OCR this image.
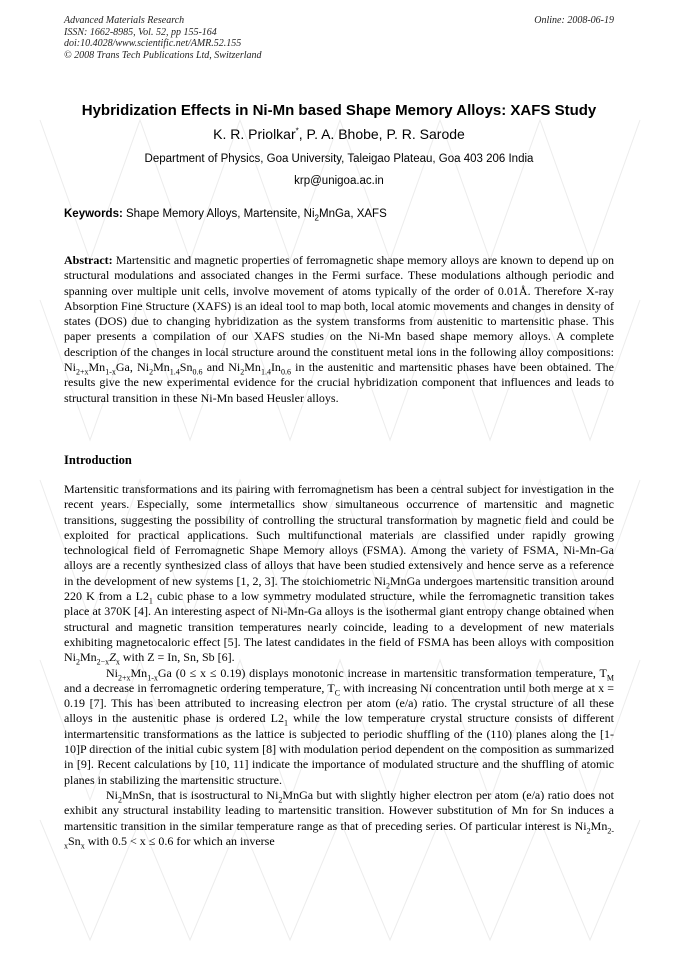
Advanced Materials Research
ISSN: 1662-8985, Vol. 52, pp 155-164
doi:10.4028/www.scientific.net/AMR.52.155
© 2008 Trans Tech Publications Ltd, Switzerland
Online: 2008-06-19
Hybridization Effects in Ni-Mn based Shape Memory Alloys: XAFS Study
K. R. Priolkar*, P. A. Bhobe, P. R. Sarode
Department of Physics, Goa University, Taleigao Plateau, Goa 403 206 India
krp@unigoa.ac.in
Keywords: Shape Memory Alloys, Martensite, $Ni_2MnGa$, XAFS

Abstract: Martensitic and magnetic properties of ferromagnetic shape memory alloys are known to depend up on structural modulations and associated changes in the Fermi surface. These modulations although periodic and spanning over multiple unit cells, involve movement of atoms typically of the order of 0.01Å. Therefore X-ray Absorption Fine Structure (XAFS) is an ideal tool to map both, local atomic movements and changes in density of states (DOS) due to changing hybridization as the system transforms from austenitic to martensitic phase. This paper presents a compilation of our XAFS studies on the Ni-Mn based shape memory alloys. A complete description of the changes in local structure around the constituent metal ions in the following alloy compositions: $Ni_{2+x}Mn_{1-x}Ga$, $Ni_2Mn_{1.4}Sn_{0.6}$ and $Ni_2Mn_{1.4}In_{0.6}$ in the austenitic and martensitic phases have been obtained. The results give the new experimental evidence for the crucial hybridization component that influences and leads to structural transition in these Ni-Mn based Heusler alloys.

Introduction

Martensitic transformations and its pairing with ferromagnetism has been a central subject for investigation in the recent years. Especially, some intermetallics show simultaneous occurrence of martensitic and magnetic transitions, suggesting the possibility of controlling the structural transformation by magnetic field and could be exploited for practical applications. Such multifunctional materials are classified under rapidly growing technological field of Ferromagnetic Shape Memory alloys (FSMA). Among the variety of FSMA, Ni-Mn-Ga alloys are a recently synthesized class of alloys that have been studied extensively and hence serve as a reference in the development of new systems [1, 2, 3]. The stoichiometric $Ni_2MnGa$ undergoes martensitic transition around 220 K from a $L2_1$ cubic phase to a low symmetry modulated structure, while the ferromagnetic transition takes place at 370K [4]. An interesting aspect of Ni-Mn-Ga alloys is the isothermal giant entropy change obtained when structural and magnetic transition temperatures nearly coincide, leading to a development of new materials exhibiting magnetocaloric effect [5]. The latest candidates in the field of FSMA has been alloys with composition $Ni_2Mn_{2-x}Z_x$ with Z = In, Sn, Sb [6].

$Ni_{2+x}Mn_{1-x}Ga$ (0 ≤ x ≤ 0.19) displays monotonic increase in martensitic transformation temperature, $T_M$ and a decrease in ferromagnetic ordering temperature, $T_C$ with increasing Ni concentration until both merge at x = 0.19 [7]. This has been attributed to increasing electron per atom (e/a) ratio. The crystal structure of all these alloys in the austenitic phase is ordered $L2_1$ while the low temperature crystal structure consists of different intermartensitic transformations as the lattice is subjected to periodic shuffling of the (110) planes along the [1-10]P direction of the initial cubic system [8] with modulation period dependent on the composition as summarized in [9]. Recent calculations by [10, 11] indicate the importance of modulated structure and the shuffling of atomic planes in stabilizing the martensitic structure.

$Ni_2MnSn$, that is isostructural to $Ni_2MnGa$ but with slightly higher electron per atom (e/a) ratio does not exhibit any structural instability leading to martensitic transition. However substitution of Mn for Sn induces a martensitic transition in the similar temperature range as that of preceding series. Of particular interest is $Ni_2Mn_{2-x}Sn_x$ with 0.5 < x ≤ 0.6 for which an inverse
